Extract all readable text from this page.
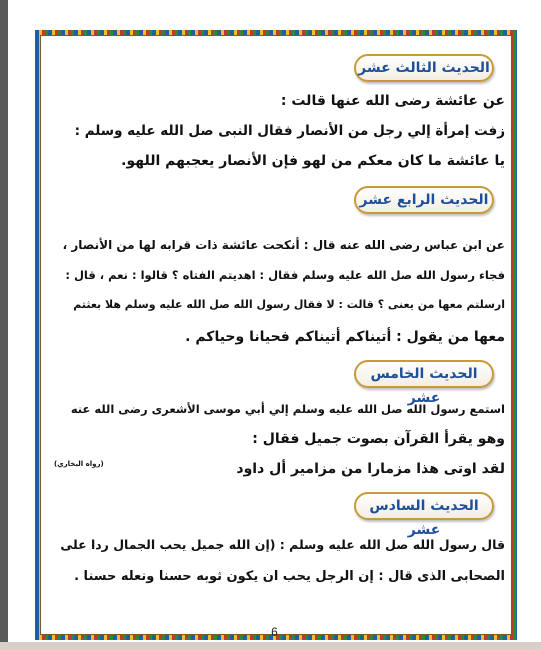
الحديث الثالث عشر
عن عائشة رضى الله عنها قالت :
زفت إمرأة إلي رجل من الأنصار فقال النبى صل الله عليه وسلم :
يا عائشة ما كان معكم من لهو فإن الأنصار يعجبهم اللهو.
الحديث الرابع عشر
عن ابن عباس رضى الله عنه قال : أنكحت عائشة ذات قرابه لها من الأنصار ،
فجاء رسول الله صل الله عليه وسلم فقال : اهديتم الفتاه ؟ قالوا : نعم ، قال :
ارسلتم معها من يعنى ؟ قالت : لا فقال رسول الله صل الله عليه وسلم هلا بعثتم
معها من يقول : أتيناكم أتيناكم فحيانا وحياكم .
الحديث الخامس عشر
استمع رسول الله صل الله عليه وسلم إلي أبي موسى الأشعرى رضى الله عنه
وهو يقرأ القرآن بصوت جميل فقال :
لقد اوتى هذا مزمارا من مزامير أل داود
(رواه البخاري)
الحديث السادس عشر
قال رسول الله صل الله عليه وسلم : (إن الله جميل يحب الجمال ردا على
الصحابى الذى قال : إن الرجل يحب ان يكون ثوبه حسنا ونعله حسنا .
6
